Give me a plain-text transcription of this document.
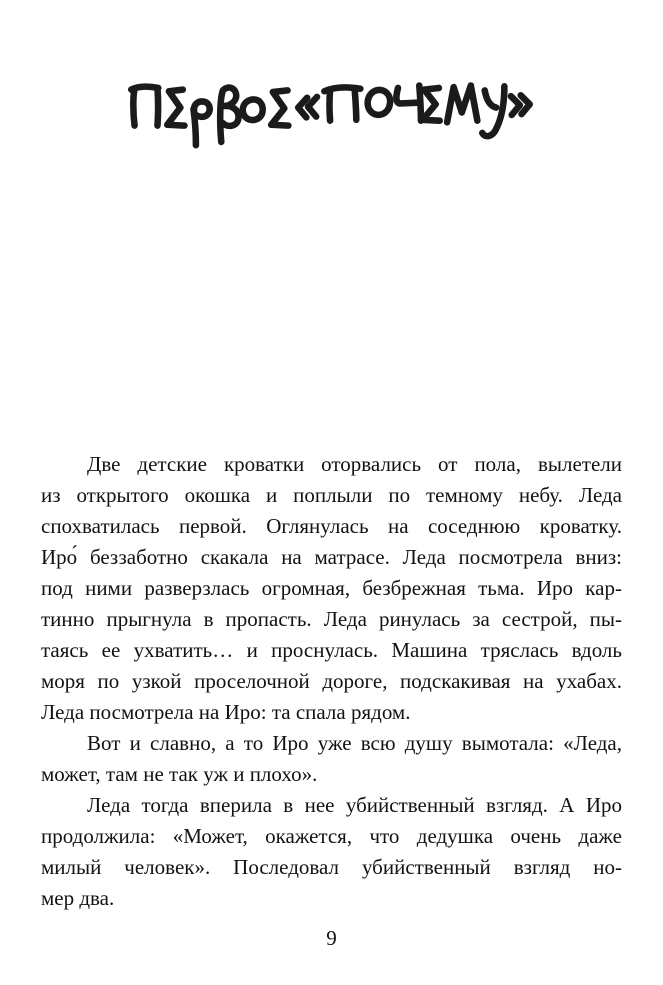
Две детские кроватки оторвались от пола, вылетели
из открытого окошка и поплыли по темному небу. Леда
спохватилась первой. Оглянулась на соседнюю кроватку.
Иро́ беззаботно скакала на матрасе. Леда посмотрела вниз:
под ними разверзлась огромная, безбрежная тьма. Иро кар-
тинно прыгнула в пропасть. Леда ринулась за сестрой, пы-
таясь ее ухватить… и проснулась. Машина тряслась вдоль
моря по узкой проселочной дороге, подскакивая на ухабах.
Леда посмотрела на Иро: та спала рядом.
Вот и славно, а то Иро уже всю душу вымотала: «Леда,
может, там не так уж и плохо».
Леда тогда вперила в нее убийственный взгляд. А Иро
продолжила: «Может, окажется, что дедушка очень даже
милый человек». Последовал убийственный взгляд но-
мер два.
9
